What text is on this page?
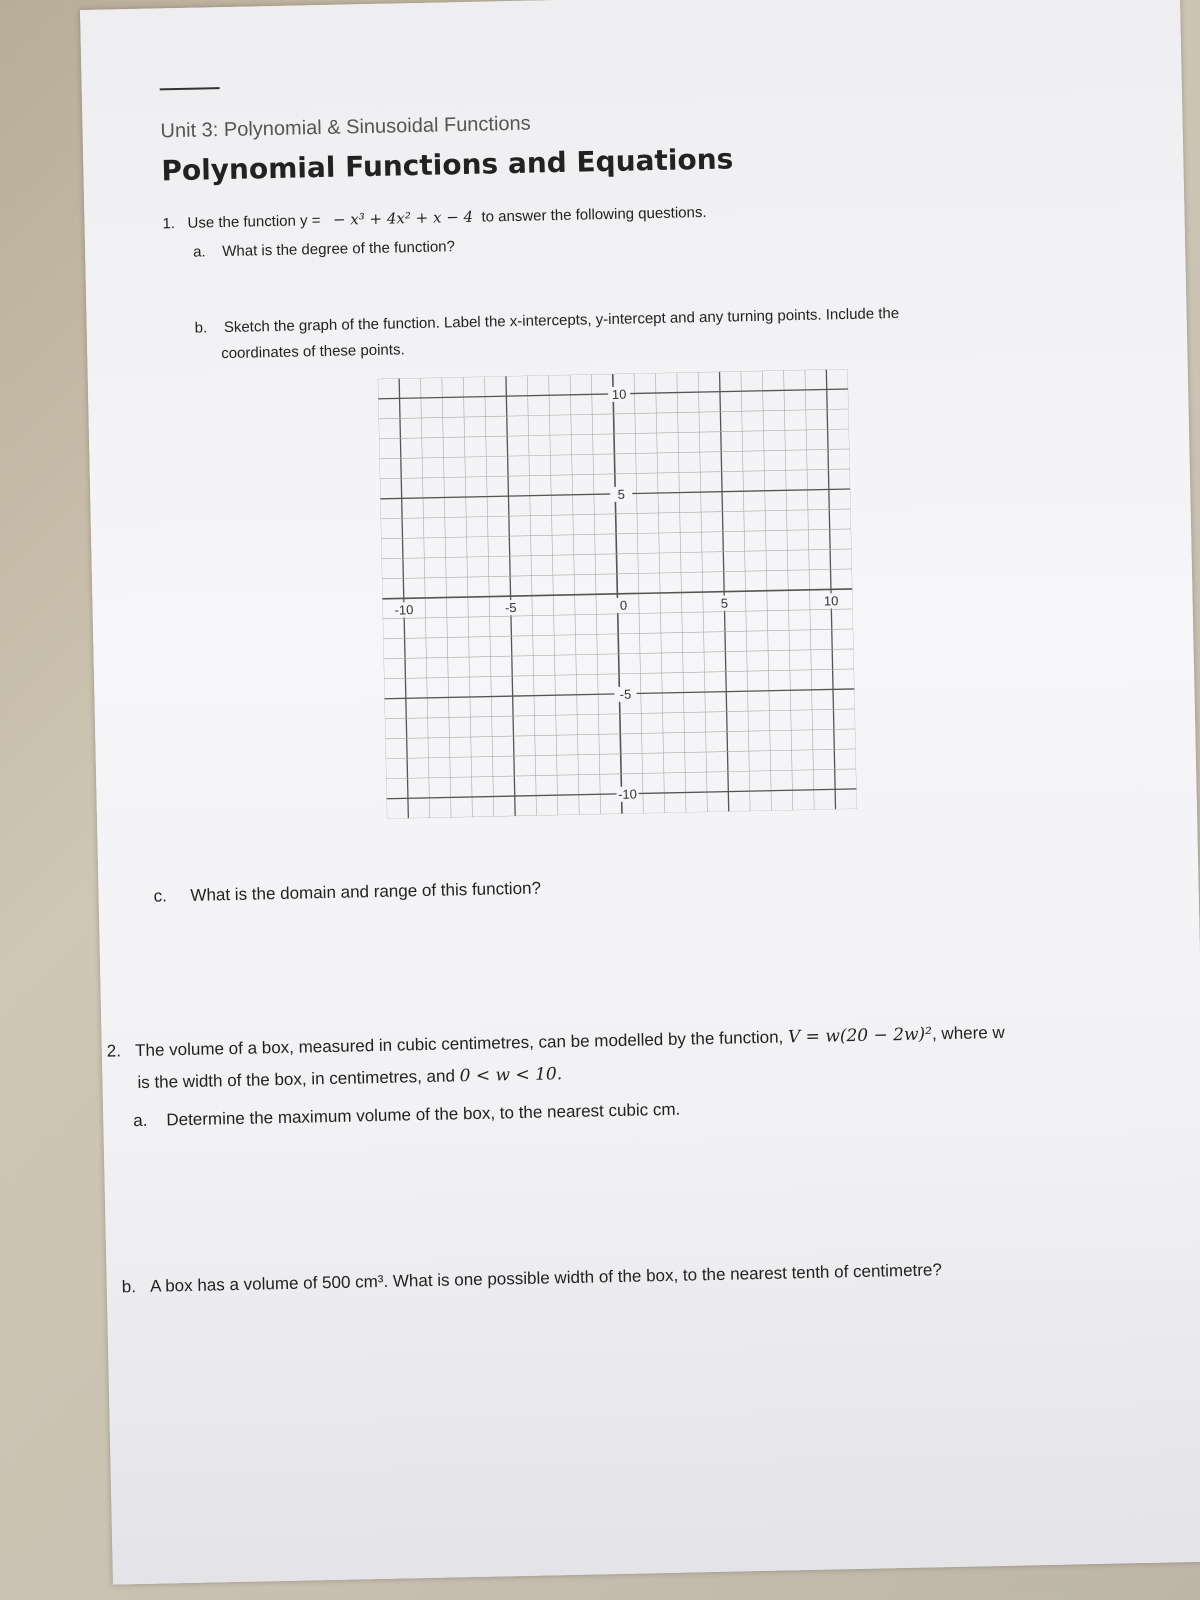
Unit 3: Polynomial & Sinusoidal Functions
Polynomial Functions and Equations
1. Use the function y = − x³ + 4x² + x − 4 to answer the following questions.
a. What is the degree of the function?
b. Sketch the graph of the function. Label the x-intercepts, y-intercept and any turning points. Include the
coordinates of these points.
-10	-5	0	5	10
10
5
-5
-10
c. What is the domain and range of this function?
2. The volume of a box, measured in cubic centimetres, can be modelled by the function, V = w(20 − 2w)², where w
is the width of the box, in centimetres, and 0 < w < 10.
a. Determine the maximum volume of the box, to the nearest cubic cm.
b. A box has a volume of 500 cm³. What is one possible width of the box, to the nearest tenth of centimetre?
